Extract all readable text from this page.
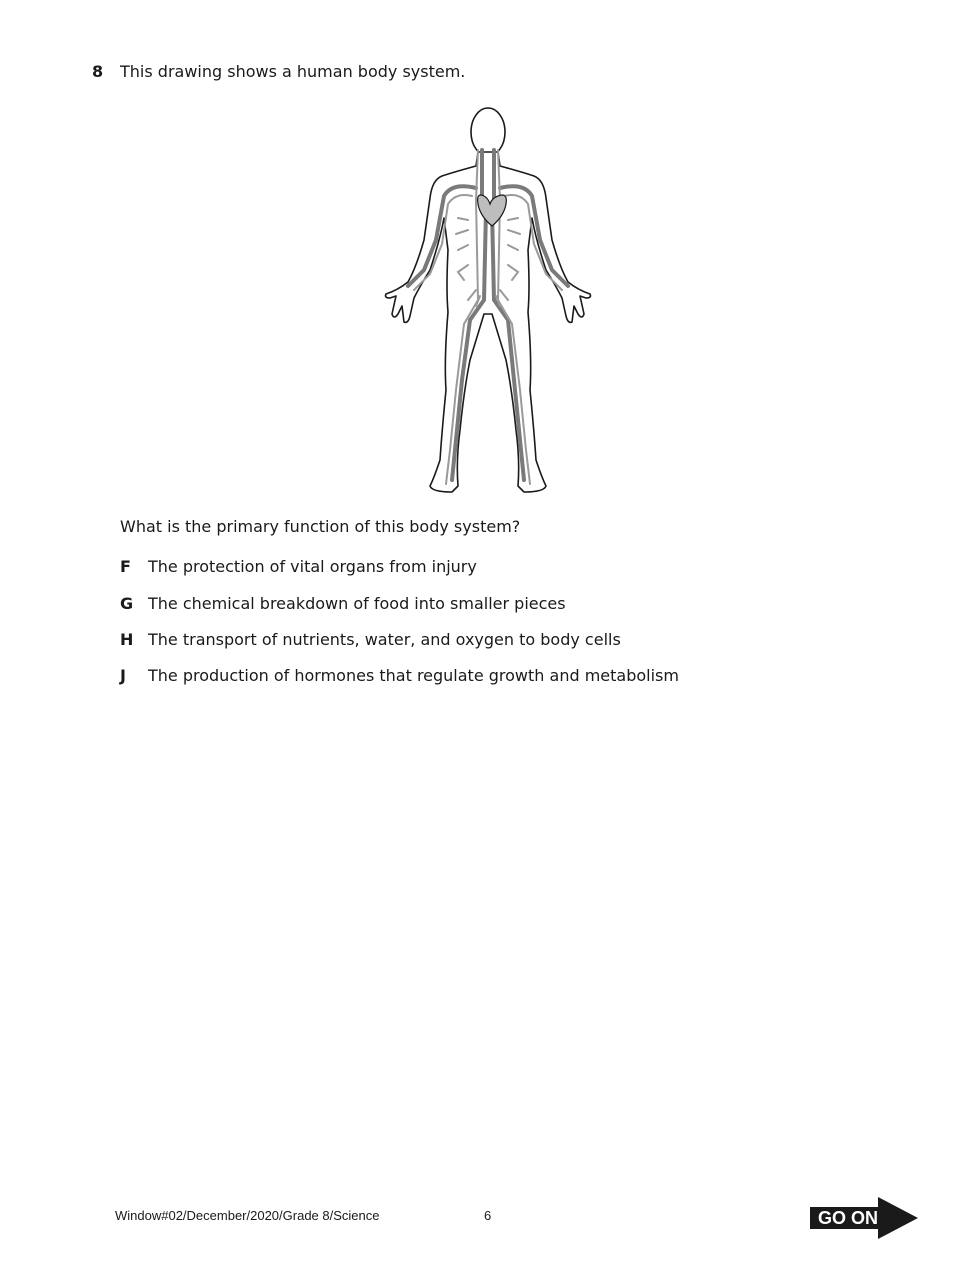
8 This drawing shows a human body system.
What is the primary function of this body system?
F	The protection of vital organs from injury
G The chemical breakdown of food into smaller pieces
H The transport of nutrients, water, and oxygen to body cells
J	The production of hormones that regulate growth and metabolism
Window#02/December/2020/Grade 8/Science	6	GO ON
